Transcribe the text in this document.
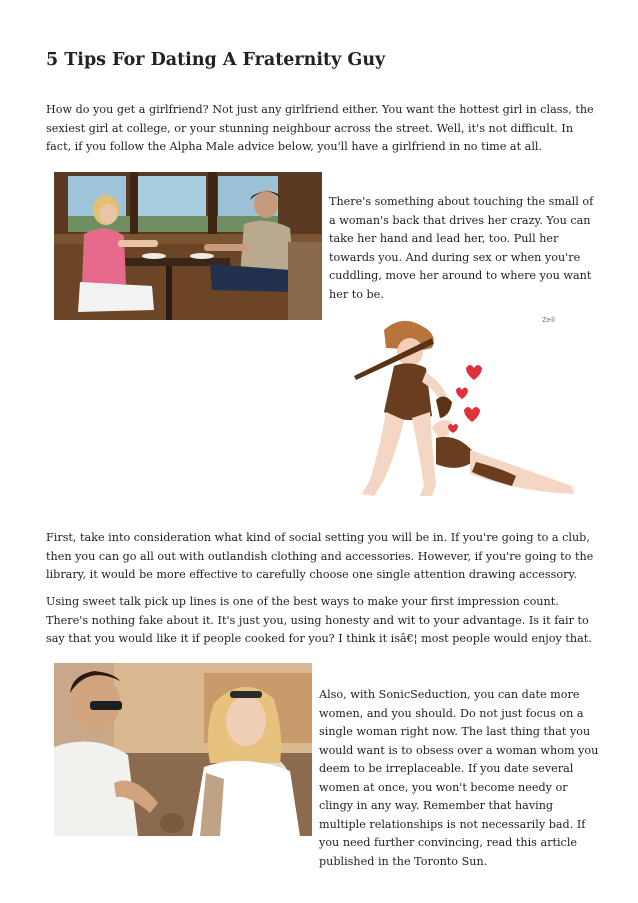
5 Tips For Dating A Fraternity Guy

How do you get a girlfriend? Not just any girlfriend either. You want the hottest girl in class, the sexiest girl at college, or your stunning neighbour across the street. Well, it's not difficult. In fact, if you follow the Alpha Male advice below, you'll have a girlfriend in no time at all.

There's something about touching the small of a woman's back that drives her crazy. You can take her hand and lead her, too. Pull her towards you. And during sex or when you're cuddling, move her around to where you want her to be.

Zell

First, take into consideration what kind of social setting you will be in. If you're going to a club, then you can go all out with outlandish clothing and accessories. However, if you're going to the library, it would be more effective to carefully choose one single attention drawing accessory.

Using sweet talk pick up lines is one of the best ways to make your first impression count. There's nothing fake about it. It's just you, using honesty and wit to your advantage. Is it fair to say that you would like it if people cooked for you? I think it isâ€¦ most people would enjoy that.

Also, with SonicSeduction, you can date more women, and you should. Do not just focus on a single woman right now. The last thing that you would want is to obsess over a woman whom you deem to be irreplaceable. If you date several women at once, you won't become needy or clingy in any way. Remember that having multiple relationships is not necessarily bad. If you need further convincing, read this article published in the Toronto Sun.
